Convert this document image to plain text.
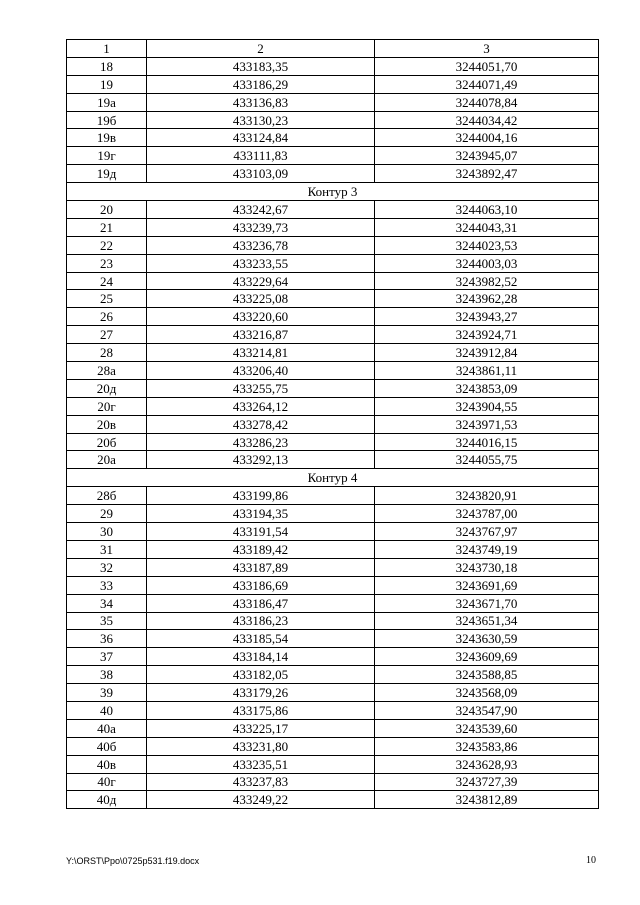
1	2	3
18	433183,35	3244051,70
19	433186,29	3244071,49
19а	433136,83	3244078,84
19б	433130,23	3244034,42
19в	433124,84	3244004,16
19г	433111,83	3243945,07
19д	433103,09	3243892,47
Контур 3		
20	433242,67	3244063,10
21	433239,73	3244043,31
22	433236,78	3244023,53
23	433233,55	3244003,03
24	433229,64	3243982,52
25	433225,08	3243962,28
26	433220,60	3243943,27
27	433216,87	3243924,71
28	433214,81	3243912,84
28а	433206,40	3243861,11
20д	433255,75	3243853,09
20г	433264,12	3243904,55
20в	433278,42	3243971,53
20б	433286,23	3244016,15
20а	433292,13	3244055,75
Контур 4		
28б	433199,86	3243820,91
29	433194,35	3243787,00
30	433191,54	3243767,97
31	433189,42	3243749,19
32	433187,89	3243730,18
33	433186,69	3243691,69
34	433186,47	3243671,70
35	433186,23	3243651,34
36	433185,54	3243630,59
37	433184,14	3243609,69
38	433182,05	3243588,85
39	433179,26	3243568,09
40	433175,86	3243547,90
40а	433225,17	3243539,60
40б	433231,80	3243583,86
40в	433235,51	3243628,93
40г	433237,83	3243727,39
40д	433249,22	3243812,89
Y:\ORST\Ppo\0725p531.f19.docx	10
